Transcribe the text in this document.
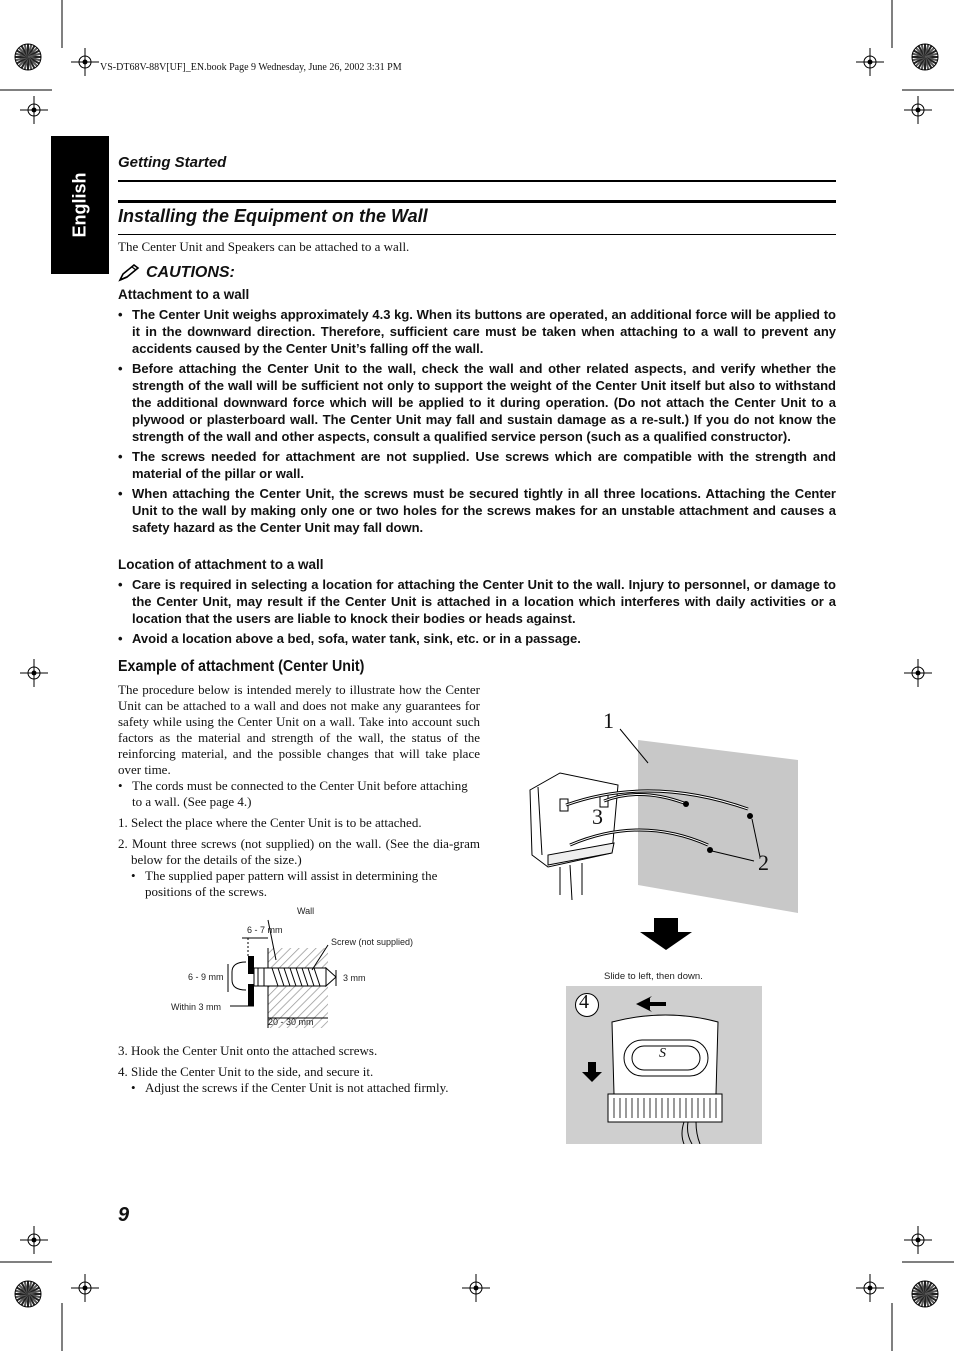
VS-DT68V-88V[UF]_EN.book Page 9 Wednesday, June 26, 2002 3:31 PM
English
Getting Started
Installing the Equipment on the Wall
The Center Unit and Speakers can be attached to a wall.
CAUTIONS:
Attachment to a wall
• The Center Unit weighs approximately 4.3 kg. When its buttons are operated, an additional force will be applied to it in the downward direction. Therefore, sufficient care must be taken when attaching to a wall to prevent any accidents caused by the Center Unit’s falling off the wall.
• Before attaching the Center Unit to the wall, check the wall and other related aspects, and verify whether the strength of the wall will be sufficient not only to support the weight of the Center Unit itself but also to withstand the additional downward force which will be applied to it during operation. (Do not attach the Center Unit to a plywood or plasterboard wall. The Center Unit may fall and sustain damage as a re-sult.) If you do not know the strength of the wall and other aspects, consult a qualified service person (such as a qualified constructor).
• The screws needed for attachment are not supplied. Use screws which are compatible with the strength and material of the pillar or wall.
• When attaching the Center Unit, the screws must be secured tightly in all three locations. Attaching the Center Unit to the wall by making only one or two holes for the screws makes for an unstable attachment and causes a safety hazard as the Center Unit may fall down.
Location of attachment to a wall
• Care is required in selecting a location for attaching the Center Unit to the wall. Injury to personnel, or damage to the Center Unit, may result if the Center Unit is attached in a location which interferes with daily activities or a location that the users are liable to knock their bodies or heads against.
• Avoid a location above a bed, sofa, water tank, sink, etc. or in a passage.
Example of attachment (Center Unit)
The procedure below is intended merely to illustrate how the Center Unit can be attached to a wall and does not make any guarantees for safety while using the Center Unit on a wall. Take into account such factors as the material and strength of the wall, the status of the reinforcing material, and the possible changes that will take place over time.

• The cords must be connected to the Center Unit before attaching to a wall. (See page 4.)

1. Select the place where the Center Unit is to be attached.

2. Mount three screws (not supplied) on the wall. (See the dia-gram below for the details of the size.)

• The supplied paper pattern will assist in determining the positions of the screws.

Wall
6 - 7 mm
Screw (not supplied)
6 - 9 mm	3 mm
Within 3 mm
20 - 30 mm

3. Hook the Center Unit onto the attached screws.

4. Slide the Center Unit to the side, and secure it.

• Adjust the screws if the Center Unit is not attached firmly.

1
3
2
Slide to left, then down.
4
S
9
